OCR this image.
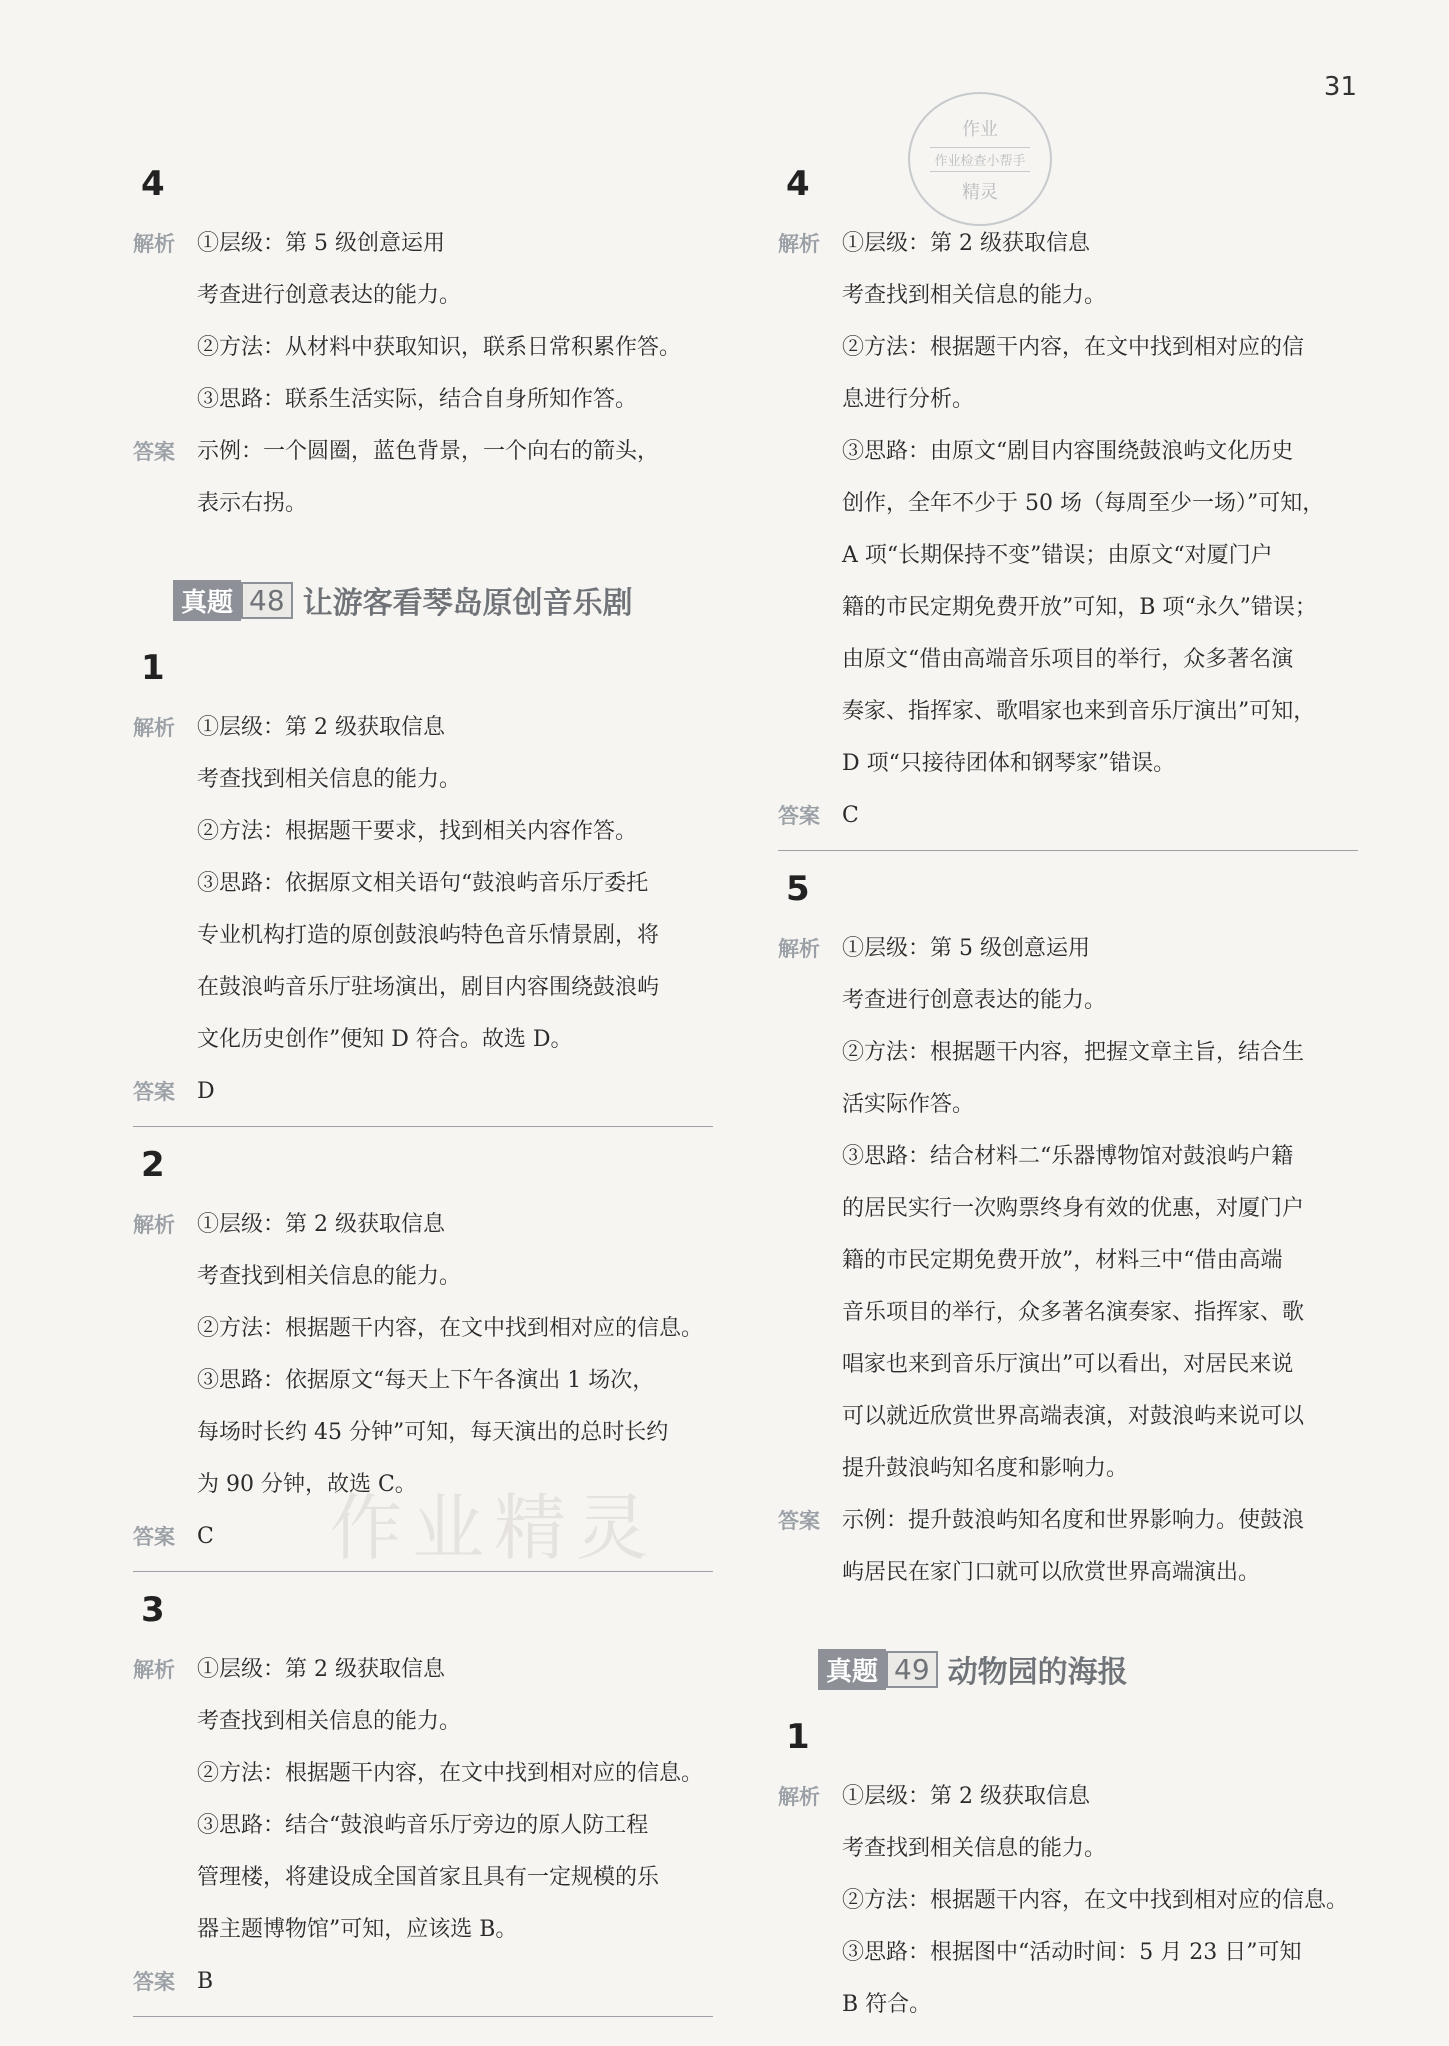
31
作业
作业检查小帮手
精灵
作业精灵
4
解析	①层级：第 5 级创意运用
考查进行创意表达的能力。
②方法：从材料中获取知识，联系日常积累作答。
③思路：联系生活实际，结合自身所知作答。
答案	示例：一个圆圈，蓝色背景，一个向右的箭头，
表示右拐。
真题 48 让游客看琴岛原创音乐剧
1
解析	①层级：第 2 级获取信息
考查找到相关信息的能力。
②方法：根据题干要求，找到相关内容作答。
③思路：依据原文相关语句“鼓浪屿音乐厅委托
专业机构打造的原创鼓浪屿特色音乐情景剧，将
在鼓浪屿音乐厅驻场演出，剧目内容围绕鼓浪屿
文化历史创作”便知 D 符合。故选 D。
答案	D
2
解析	①层级：第 2 级获取信息
考查找到相关信息的能力。
②方法：根据题干内容，在文中找到相对应的信息。
③思路：依据原文“每天上下午各演出 1 场次，
每场时长约 45 分钟”可知，每天演出的总时长约
为 90 分钟，故选 C。
答案	C
3
解析	①层级：第 2 级获取信息
考查找到相关信息的能力。
②方法：根据题干内容，在文中找到相对应的信息。
③思路：结合“鼓浪屿音乐厅旁边的原人防工程
管理楼，将建设成全国首家且具有一定规模的乐
器主题博物馆”可知，应该选 B。
答案	B
4
解析	①层级：第 2 级获取信息
考查找到相关信息的能力。
②方法：根据题干内容，在文中找到相对应的信
息进行分析。
③思路：由原文“剧目内容围绕鼓浪屿文化历史
创作，全年不少于 50 场（每周至少一场）”可知，
A 项“长期保持不变”错误；由原文“对厦门户
籍的市民定期免费开放”可知，B 项“永久”错误；
由原文“借由高端音乐项目的举行，众多著名演
奏家、指挥家、歌唱家也来到音乐厅演出”可知，
D 项“只接待团体和钢琴家”错误。
答案	C
5
解析	①层级：第 5 级创意运用
考查进行创意表达的能力。
②方法：根据题干内容，把握文章主旨，结合生
活实际作答。
③思路：结合材料二“乐器博物馆对鼓浪屿户籍
的居民实行一次购票终身有效的优惠，对厦门户
籍的市民定期免费开放”，材料三中“借由高端
音乐项目的举行，众多著名演奏家、指挥家、歌
唱家也来到音乐厅演出”可以看出，对居民来说
可以就近欣赏世界高端表演，对鼓浪屿来说可以
提升鼓浪屿知名度和影响力。
答案	示例：提升鼓浪屿知名度和世界影响力。使鼓浪
屿居民在家门口就可以欣赏世界高端演出。
真题 49 动物园的海报
1
解析	①层级：第 2 级获取信息
考查找到相关信息的能力。
②方法：根据题干内容，在文中找到相对应的信息。
③思路：根据图中“活动时间：5 月 23 日”可知
B 符合。
